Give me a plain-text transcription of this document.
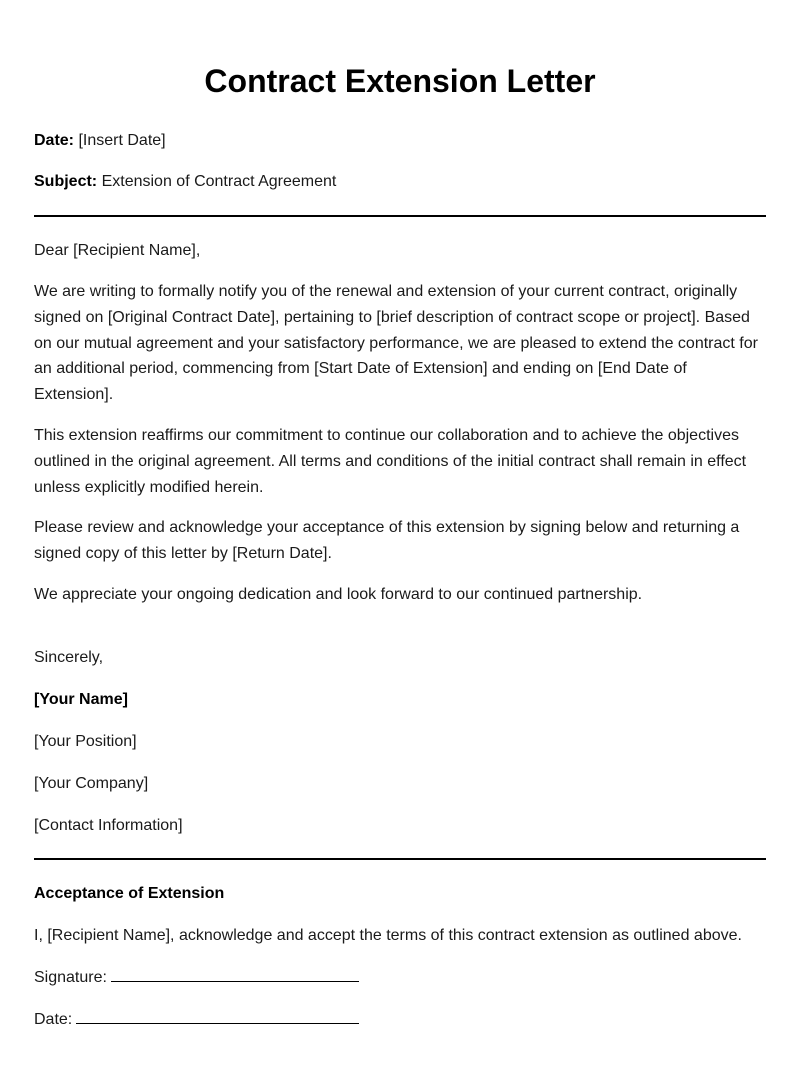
Contract Extension Letter

Date: [Insert Date]

Subject: Extension of Contract Agreement

Dear [Recipient Name],

We are writing to formally notify you of the renewal and extension of your current contract, originally signed on [Original Contract Date], pertaining to [brief description of contract scope or project]. Based on our mutual agreement and your satisfactory performance, we are pleased to extend the contract for an additional period, commencing from [Start Date of Extension] and ending on [End Date of Extension].

This extension reaffirms our commitment to continue our collaboration and to achieve the objectives outlined in the original agreement. All terms and conditions of the initial contract shall remain in effect unless explicitly modified herein.

Please review and acknowledge your acceptance of this extension by signing below and returning a signed copy of this letter by [Return Date].

We appreciate your ongoing dedication and look forward to our continued partnership.

Sincerely,

[Your Name]

[Your Position]

[Your Company]

[Contact Information]

Acceptance of Extension

I, [Recipient Name], acknowledge and accept the terms of this contract extension as outlined above.

Signature:

Date:
